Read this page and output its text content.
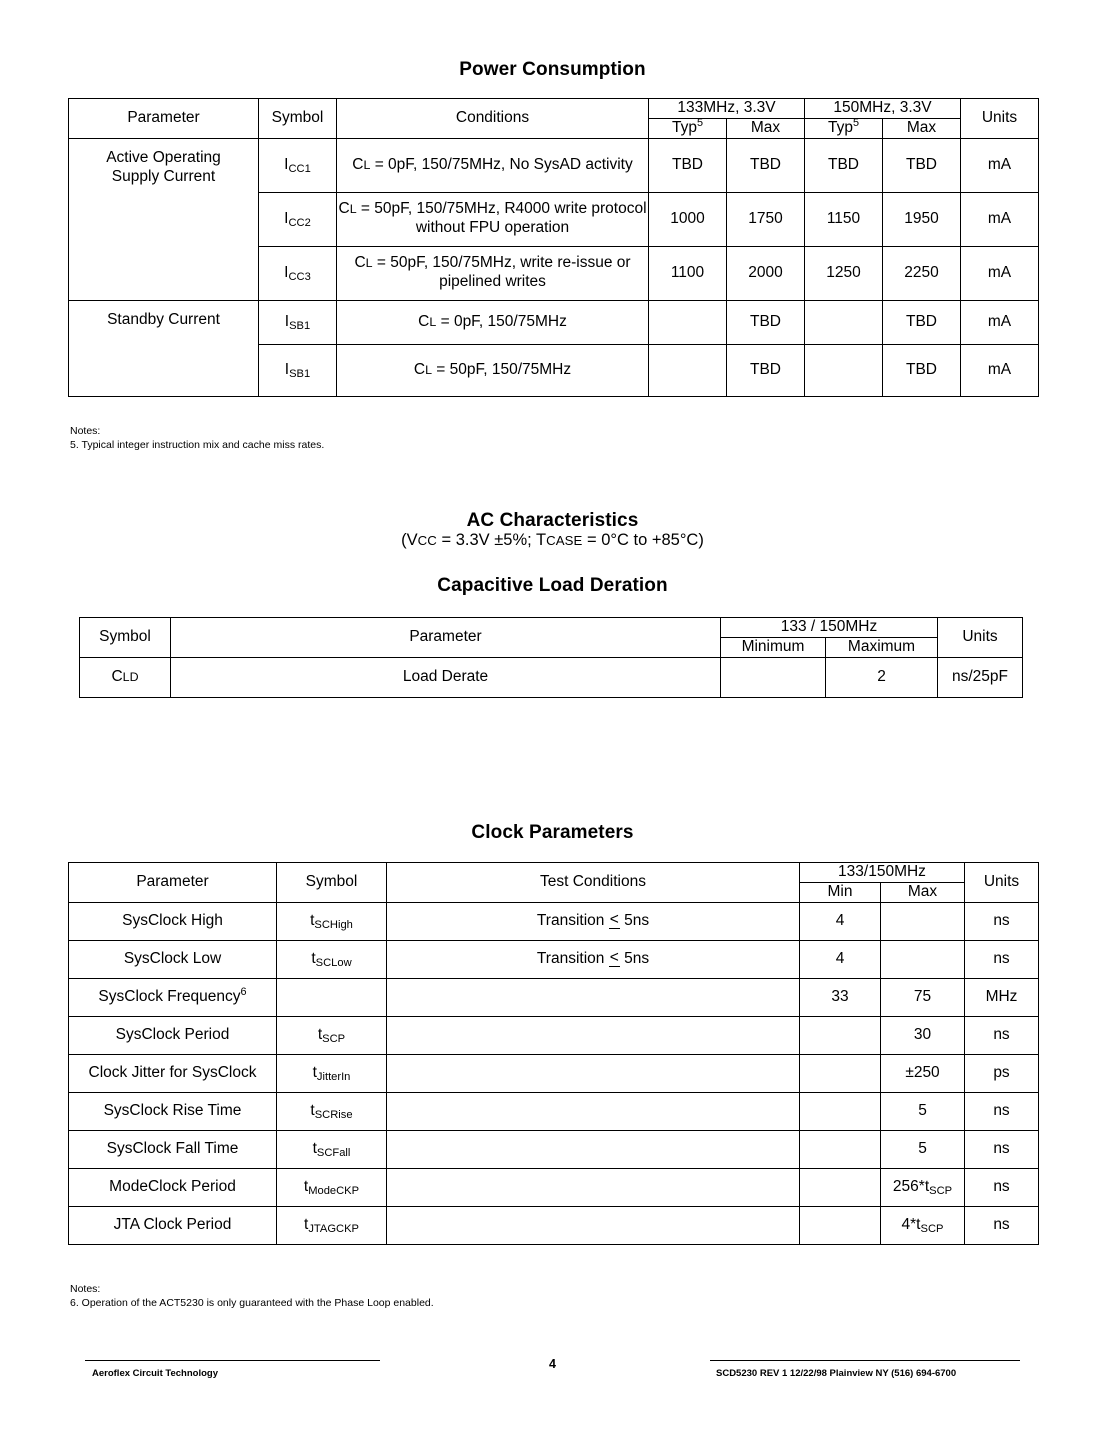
Power Consumption
Parameter	Symbol	Conditions	133MHz, 3.3V		150MHz, 3.3V		Units
			Typ$^5$	Max	Typ$^5$	Max	
Active Operating
Supply Current	$I_{CC1}$	CL = 0pF, 150/75MHz, No SysAD activity	TBD	TBD	TBD	TBD	mA
	$I_{CC2}$	CL = 50pF, 150/75MHz, R4000 write protocol without FPU operation	1000	1750	1150	1950	mA
	$I_{CC3}$	CL = 50pF, 150/75MHz, write re-issue or pipelined writes	1100	2000	1250	2250	mA
Standby Current	$I_{SB1}$	CL = 0pF, 150/75MHz		TBD		TBD	mA
	$I_{SB1}$	CL = 50pF, 150/75MHz		TBD		TBD	mA
Notes:
5. Typical integer instruction mix and cache miss rates.
AC Characteristics
(VCC = 3.3V ±5%; TCASE = 0°C to +85°C)
Capacitive Load Deration
Symbol	Parameter	133 / 150MHz		Units
		Minimum	Maximum	
CLD	Load Derate		2	ns/25pF
Clock Parameters
Parameter	Symbol	Test Conditions	133/150MHz		Units
			Min	Max	
SysClock High	$t_{SCHigh}$	Transition < 5ns	4		ns
SysClock Low	$t_{SCLow}$	Transition < 5ns	4		ns
SysClock Frequency$^6$			33	75	MHz
SysClock Period	$t_{SCP}$			30	ns
Clock Jitter for SysClock	$t_{JitterIn}$			±250	ps
SysClock Rise Time	$t_{SCRise}$			5	ns
SysClock Fall Time	$t_{SCFall}$			5	ns
ModeClock Period	$t_{ModeCKP}$			$256*t_{SCP}$	ns
JTA Clock Period	$t_{JTAGCKP}$			$4*t_{SCP}$	ns
Notes:
6. Operation of the ACT5230 is only guaranteed with the Phase Loop enabled.
Aeroflex Circuit Technology
4
SCD5230 REV 1 12/22/98 Plainview NY (516) 694-6700
